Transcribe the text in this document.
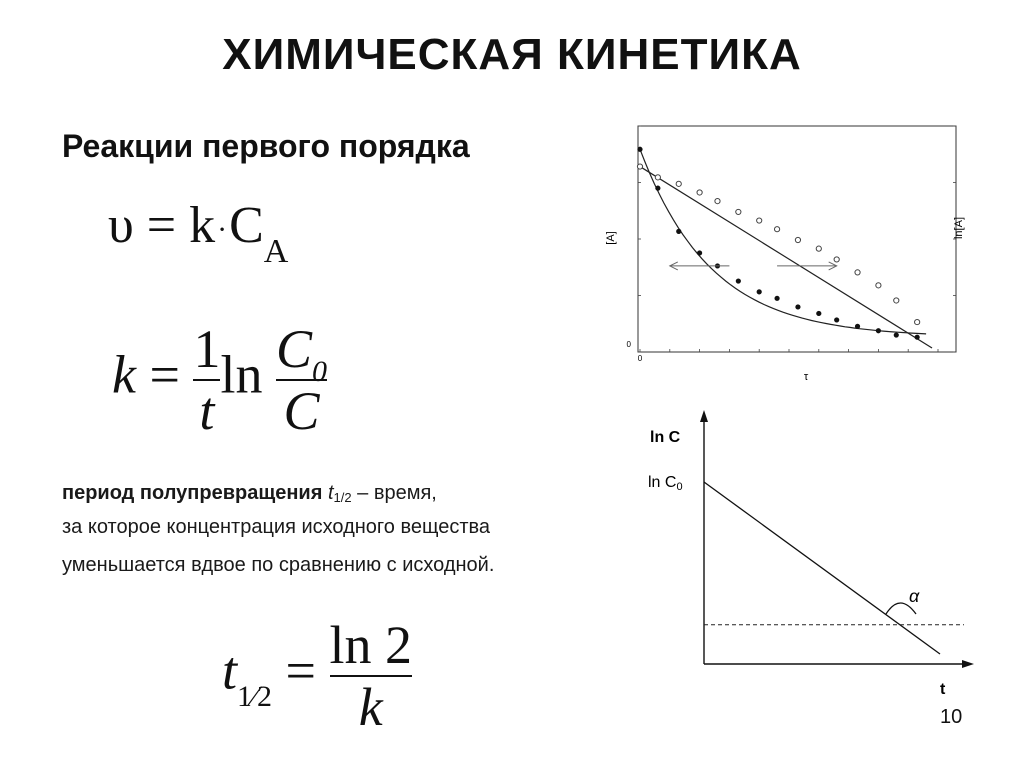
ХИМИЧЕСКАЯ КИНЕТИКА
Реакции первого порядка
$\upsilon = k\cdot C_A$
$k = \frac{1}{t}$ $\ln \frac{C_0}{C}$
период полупревращения t1/2 – время,
за которое концентрация исходного вещества
уменьшается вдвое по сравнению с исходной.
t1⁄2 = $\frac{\ln 2}{k}$
[A]	ln[A]
τ
0
0
ln C
t
ln C0
α
10
